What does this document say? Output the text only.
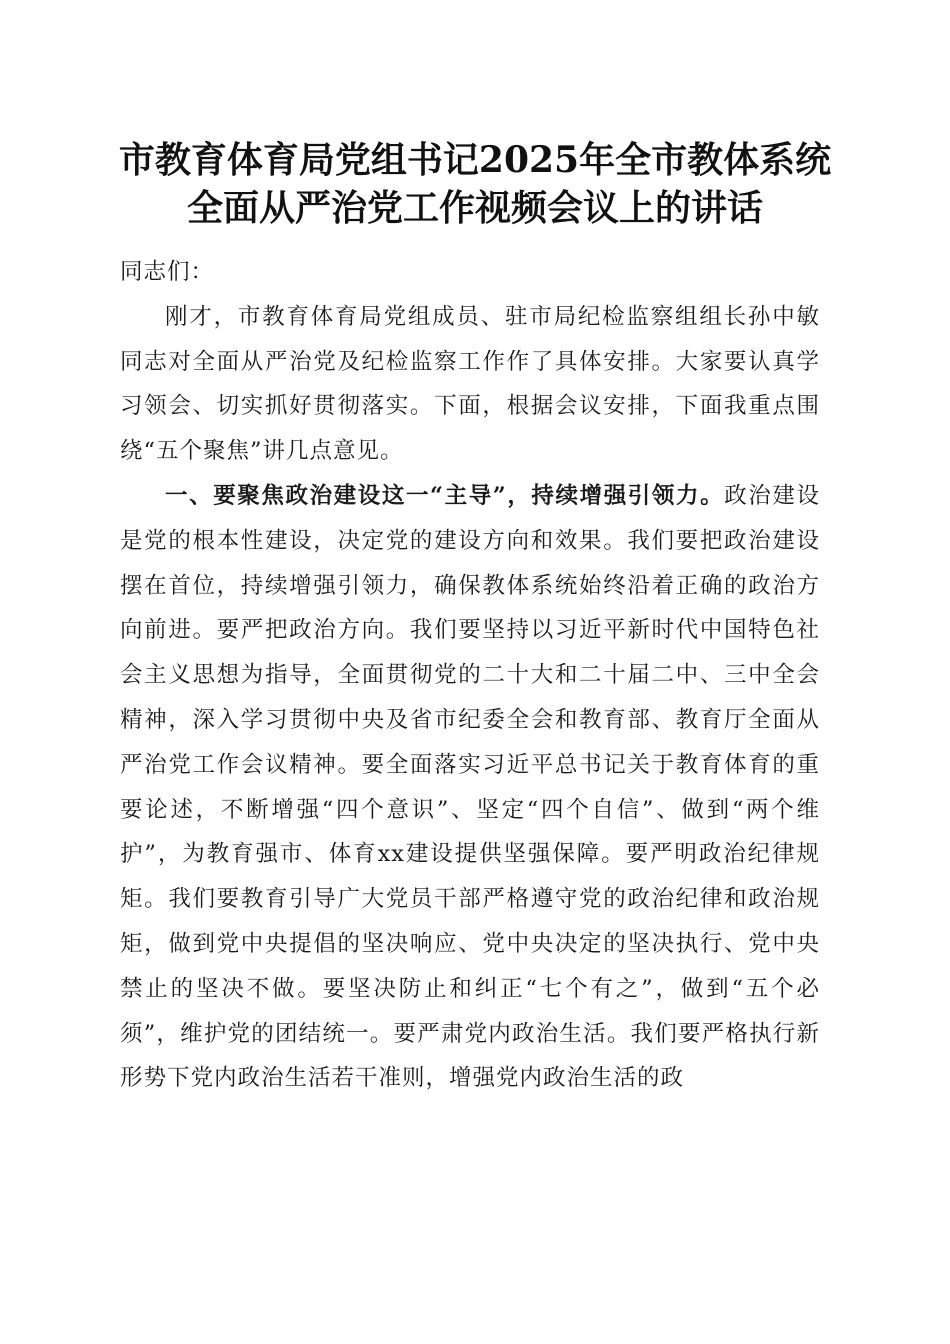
市教育体育局党组书记2025年全市教体系统
全面从严治党工作视频会议上的讲话

同志们：

刚才，市教育体育局党组成员、驻市局纪检监察组组长孙中敏同志对全面从严治党及纪检监察工作作了具体安排。大家要认真学习领会、切实抓好贯彻落实。下面，根据会议安排，下面我重点围绕“五个聚焦”讲几点意见。

一、要聚焦政治建设这一“主导”，持续增强引领力。政治建设是党的根本性建设，决定党的建设方向和效果。我们要把政治建设摆在首位，持续增强引领力，确保教体系统始终沿着正确的政治方向前进。要严把政治方向。我们要坚持以习近平新时代中国特色社会主义思想为指导，全面贯彻党的二十大和二十届二中、三中全会精神，深入学习贯彻中央及省市纪委全会和教育部、教育厅全面从严治党工作会议精神。要全面落实习近平总书记关于教育体育的重要论述，不断增强“四个意识”、坚定“四个自信”、做到“两个维护”，为教育强市、体育xx建设提供坚强保障。要严明政治纪律规矩。我们要教育引导广大党员干部严格遵守党的政治纪律和政治规矩，做到党中央提倡的坚决响应、党中央决定的坚决执行、党中央禁止的坚决不做。要坚决防止和纠正“七个有之”，做到“五个必须”，维护党的团结统一。要严肃党内政治生活。我们要严格执行新形势下党内政治生活若干准则，增强党内政治生活的政
